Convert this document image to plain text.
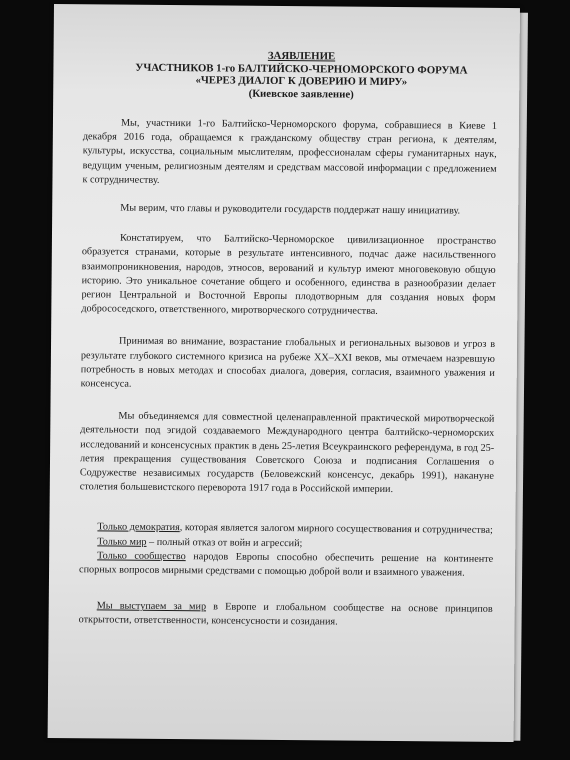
ЗАЯВЛЕНИЕ
УЧАСТНИКОВ 1-го БАЛТИЙСКО-ЧЕРНОМОРСКОГО ФОРУМА
«ЧЕРЕЗ ДИАЛОГ К ДОВЕРИЮ И МИРУ»
(Киевское заявление)

Мы, участники 1-го Балтийско-Черноморского форума, собравшиеся в Киеве 1 декабря 2016 года, обращаемся к гражданскому обществу стран региона, к деятелям, культуры, искусства, социальным мыслителям, профессионалам сферы гуманитарных наук, ведущим ученым, религиозным деятелям и средствам массовой информации с предложением к сотрудничеству.

Мы верим, что главы и руководители государств поддержат нашу инициативу.

Констатируем, что Балтийско-Черноморское цивилизационное пространство образуется странами, которые в результате интенсивного, подчас даже насильственного взаимопроникновения, народов, этносов, верований и культур имеют многовековую общую историю. Это уникальное сочетание общего и особенного, единства в разнообразии делает регион Центральной и Восточной Европы плодотворным для создания новых форм добрососедского, ответственного, миротворческого сотрудничества.

Принимая во внимание, возрастание глобальных и региональных вызовов и угроз в результате глубокого системного кризиса на рубеже XX–XXI веков, мы отмечаем назревшую потребность в новых методах и способах диалога, доверия, согласия, взаимного уважения и консенсуса.

Мы объединяемся для совместной целенаправленной практической миротворческой деятельности под эгидой создаваемого Международного центра балтийско-черноморских исследований и консенсусных практик в день 25-летия Всеукраинского референдума, в год 25-летия прекращения существования Советского Союза и подписания Соглашения о Содружестве независимых государств (Беловежский консенсус, декабрь 1991), накануне столетия большевистского переворота 1917 года в Российской империи.

Только демократия, которая является залогом мирного сосуществования и сотрудничества;

Только мир – полный отказ от войн и агрессий;

Только сообщество народов Европы способно обеспечить решение на континенте спорных вопросов мирными средствами с помощью доброй воли и взаимного уважения.

Мы выступаем за мир в Европе и глобальном сообществе на основе принципов открытости, ответственности, консенсусности и созидания.
